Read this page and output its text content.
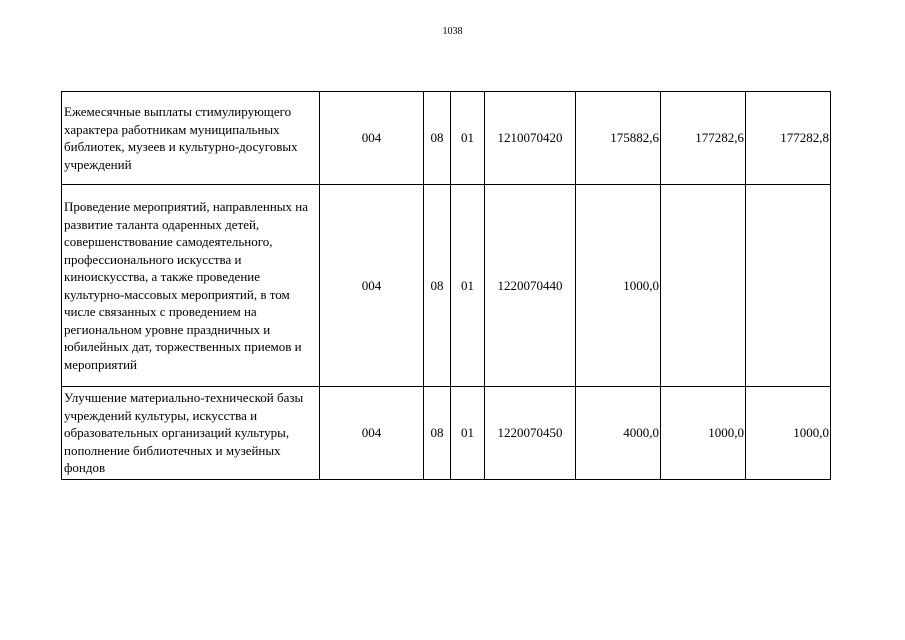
1038
Ежемесячные выплаты стимулирующего характера работникам муниципальных библиотек, музеев и культурно-досуговых учреждений	004	08	01	1210070420	175882,6	177282,6	177282,8
Проведение мероприятий, направленных на развитие таланта одаренных детей, совершенствование самодеятельного, профессионального искусства и киноискусства, а также проведение культурно-массовых мероприятий, в том числе связанных с проведением на региональном уровне праздничных и юбилейных дат, торжественных приемов и мероприятий	004	08	01	1220070440	1000,0		
Улучшение материально-технической базы учреждений культуры, искусства и образовательных организаций культуры, пополнение библиотечных и музейных фондов	004	08	01	1220070450	4000,0	1000,0	1000,0
